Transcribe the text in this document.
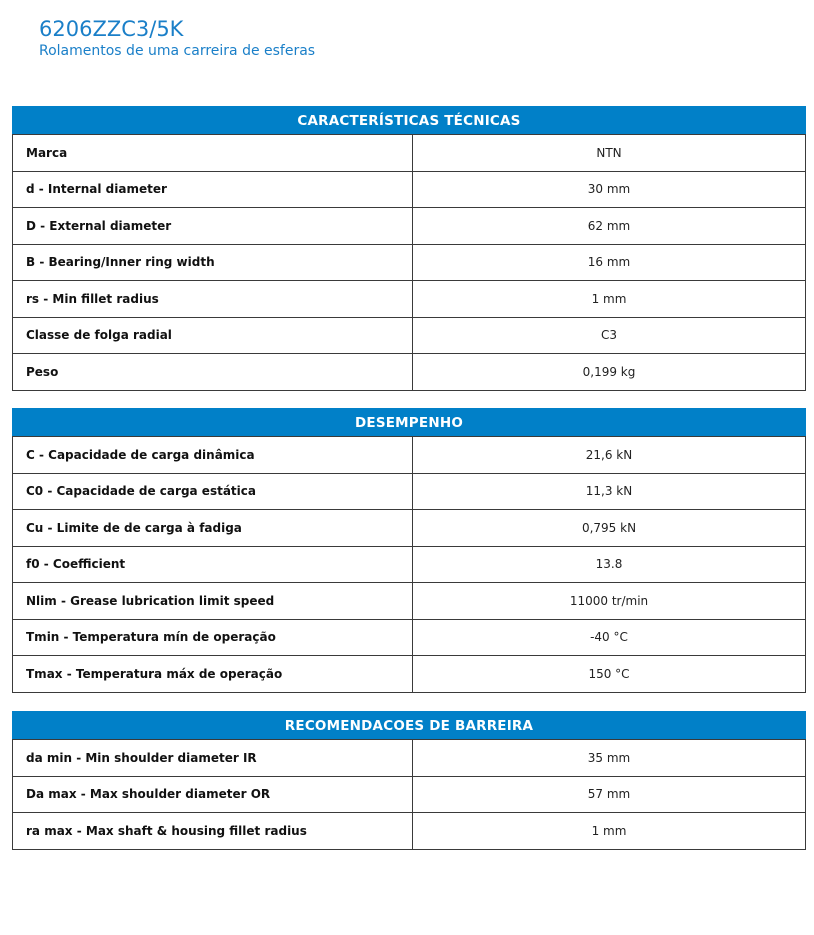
6206ZZC3/5K
Rolamentos de uma carreira de esferas
CARACTERÍSTICAS TÉCNICAS
Marca	NTN
d - Internal diameter	30 mm
D - External diameter	62 mm
B - Bearing/Inner ring width	16 mm
rs - Min fillet radius	1 mm
Classe de folga radial	C3
Peso	0,199 kg
DESEMPENHO
C - Capacidade de carga dinâmica	21,6 kN
C0 - Capacidade de carga estática	11,3 kN
Cu - Limite de de carga à fadiga	0,795 kN
f0 - Coefficient	13.8
Nlim - Grease lubrication limit speed	11000 tr/min
Tmin - Temperatura mín de operação	-40 °C
Tmax - Temperatura máx de operação	150 °C
RECOMENDACOES DE BARREIRA
da min - Min shoulder diameter IR	35 mm
Da max - Max shoulder diameter OR	57 mm
ra max - Max shaft & housing fillet radius	1 mm
